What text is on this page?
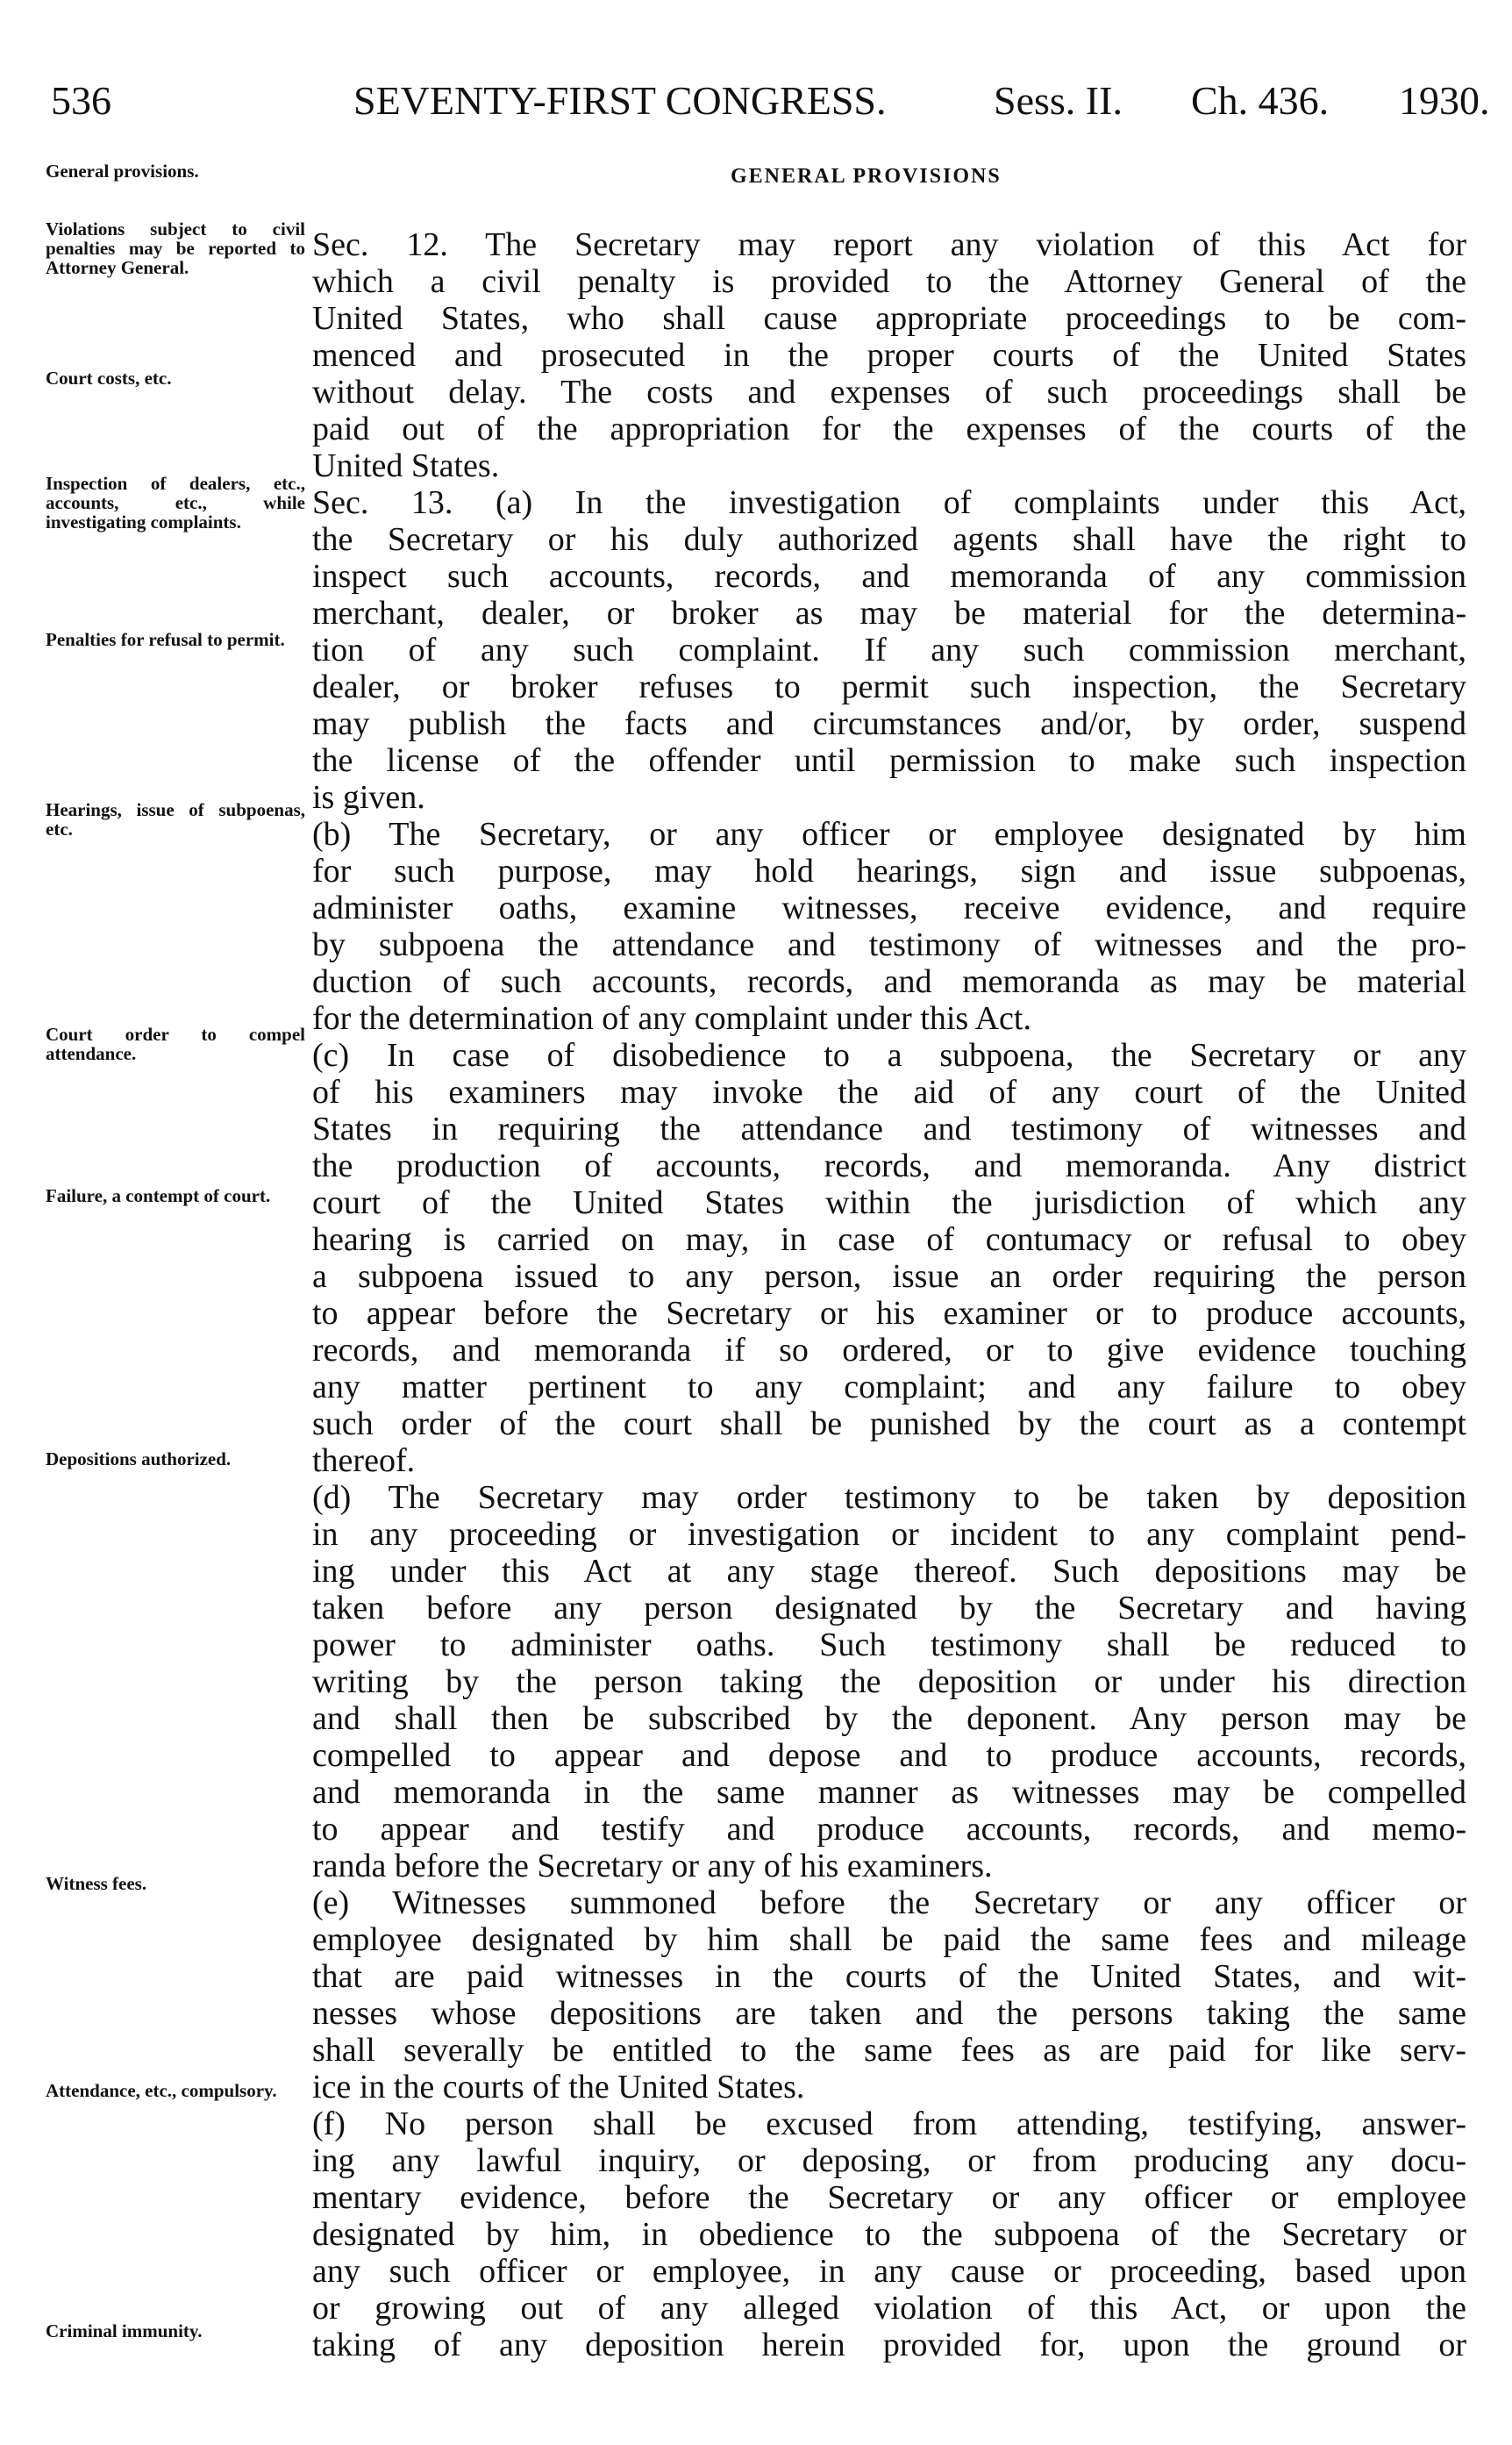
536	SEVENTY-FIRST CONGRESS.	Sess. II. Ch. 436. 1930.
GENERAL PROVISIONS
General provisions.
Violations subject to civil penalties may be reported to Attorney General.
Court costs, etc.
Inspection of dealers, etc., accounts, etc., while investigating complaints.
Penalties for refusal to permit.
Hearings, issue of subpoenas, etc.
Court order to compel attendance.
Failure, a contempt of court.
Depositions authorized.
Witness fees.
Attendance, etc., compulsory.
Criminal immunity.
Sec. 12. The Secretary may report any violation of this Act for
which a civil penalty is provided to the Attorney General of the
United States, who shall cause appropriate proceedings to be com-
menced and prosecuted in the proper courts of the United States
without delay. The costs and expenses of such proceedings shall be
paid out of the appropriation for the expenses of the courts of the
United States.
Sec. 13. (a) In the investigation of complaints under this Act,
the Secretary or his duly authorized agents shall have the right to
inspect such accounts, records, and memoranda of any commission
merchant, dealer, or broker as may be material for the determina-
tion of any such complaint. If any such commission merchant,
dealer, or broker refuses to permit such inspection, the Secretary
may publish the facts and circumstances and/or, by order, suspend
the license of the offender until permission to make such inspection
is given.
(b) The Secretary, or any officer or employee designated by him
for such purpose, may hold hearings, sign and issue subpoenas,
administer oaths, examine witnesses, receive evidence, and require
by subpoena the attendance and testimony of witnesses and the pro-
duction of such accounts, records, and memoranda as may be material
for the determination of any complaint under this Act.
(c) In case of disobedience to a subpoena, the Secretary or any
of his examiners may invoke the aid of any court of the United
States in requiring the attendance and testimony of witnesses and
the production of accounts, records, and memoranda. Any district
court of the United States within the jurisdiction of which any
hearing is carried on may, in case of contumacy or refusal to obey
a subpoena issued to any person, issue an order requiring the person
to appear before the Secretary or his examiner or to produce accounts,
records, and memoranda if so ordered, or to give evidence touching
any matter pertinent to any complaint; and any failure to obey
such order of the court shall be punished by the court as a contempt
thereof.
(d) The Secretary may order testimony to be taken by deposition
in any proceeding or investigation or incident to any complaint pend-
ing under this Act at any stage thereof. Such depositions may be
taken before any person designated by the Secretary and having
power to administer oaths. Such testimony shall be reduced to
writing by the person taking the deposition or under his direction
and shall then be subscribed by the deponent. Any person may be
compelled to appear and depose and to produce accounts, records,
and memoranda in the same manner as witnesses may be compelled
to appear and testify and produce accounts, records, and memo-
randa before the Secretary or any of his examiners.
(e) Witnesses summoned before the Secretary or any officer or
employee designated by him shall be paid the same fees and mileage
that are paid witnesses in the courts of the United States, and wit-
nesses whose depositions are taken and the persons taking the same
shall severally be entitled to the same fees as are paid for like serv-
ice in the courts of the United States.
(f) No person shall be excused from attending, testifying, answer-
ing any lawful inquiry, or deposing, or from producing any docu-
mentary evidence, before the Secretary or any officer or employee
designated by him, in obedience to the subpoena of the Secretary or
any such officer or employee, in any cause or proceeding, based upon
or growing out of any alleged violation of this Act, or upon the
taking of any deposition herein provided for, upon the ground or
